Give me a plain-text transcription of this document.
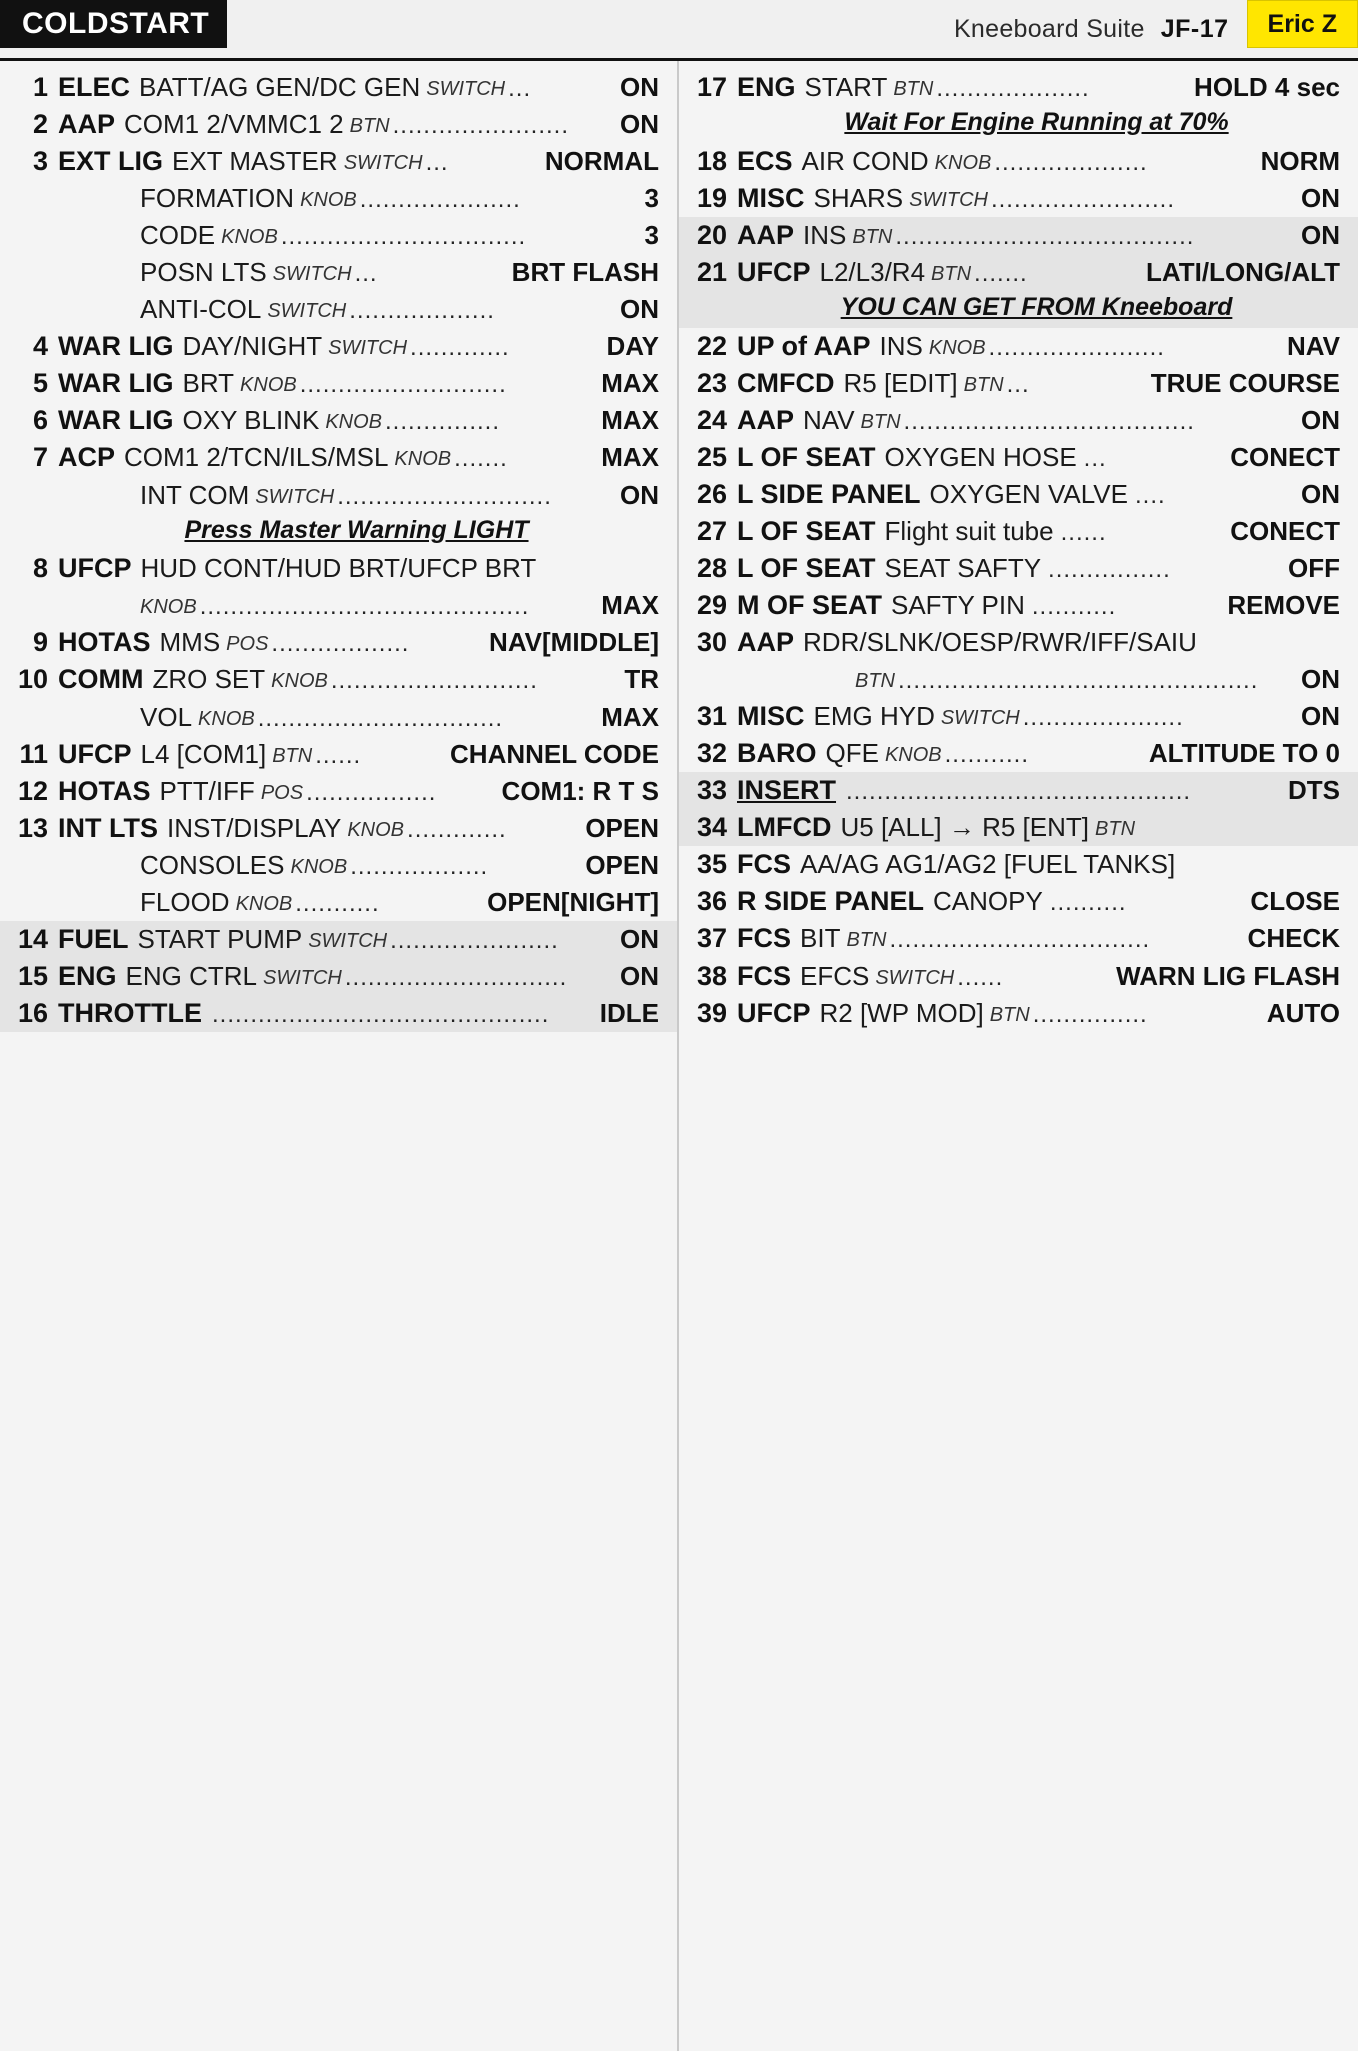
COLDSTART	Kneeboard Suite JF-17	Eric Z
1 ELEC BATT/AG GEN/DC GEN SWITCH ...	ON
2 AAP COM1 2/VMMC1 2 BTN .......................	ON
3 EXT LIG EXT MASTER SWITCH ...	NORMAL
FORMATION KNOB .....................	3
CODE KNOB ................................	3
POSN LTS SWITCH ...	BRT FLASH
ANTI-COL SWITCH ...................	ON
4 WAR LIG DAY/NIGHT SWITCH .............	DAY
5 WAR LIG BRT KNOB ...........................	MAX
6 WAR LIG OXY BLINK KNOB ...............	MAX
7 ACP COM1 2/TCN/ILS/MSL KNOB .......	MAX
INT COM SWITCH ............................	ON
Press Master Warning LIGHT
8 UFCP HUD CONT/HUD BRT/UFCP BRT
KNOB ...........................................	MAX
9 HOTAS MMS POS ..................	NAV[MIDDLE]
10 COMM ZRO SET KNOB ...........................	TR
VOL KNOB ................................	MAX
11 UFCP L4 [COM1] BTN ......	CHANNEL CODE
12 HOTAS PTT/IFF POS .................	COM1: R T S
13 INT LTS INST/DISPLAY KNOB .............	OPEN
CONSOLES KNOB ..................	OPEN
FLOOD KNOB ...........	OPEN[NIGHT]
14 FUEL START PUMP SWITCH ......................	ON
15 ENG ENG CTRL SWITCH .............................	ON
16 THROTTLE ............................................	IDLE
17 ENG START BTN ....................	HOLD 4 sec
Wait For Engine Running at 70%
18 ECS AIR COND KNOB ....................	NORM
19 MISC SHARS SWITCH ........................	ON
20 AAP INS BTN .......................................	ON
21 UFCP L2/L3/R4 BTN .......	LATI/LONG/ALT
YOU CAN GET FROM Kneeboard
22 UP of AAP INS KNOB .......................	NAV
23 CMFCD R5 [EDIT] BTN ...	TRUE COURSE
24 AAP NAV BTN ......................................	ON
25 L OF SEAT OXYGEN HOSE ...	CONECT
26 L SIDE PANEL OXYGEN VALVE ....	ON
27 L OF SEAT Flight suit tube ......	CONECT
28 L OF SEAT SEAT SAFTY ................	OFF
29 M OF SEAT SAFTY PIN ...........	REMOVE
30 AAP RDR/SLNK/OESP/RWR/IFF/SAIU
BTN ...............................................	ON
31 MISC EMG HYD SWITCH .....................	ON
32 BARO QFE KNOB ...........	ALTITUDE TO 0
33 INSERT .............................................	DTS
34 LMFCD U5 [ALL] → R5 [ENT] BTN
35 FCS AA/AG AG1/AG2 [FUEL TANKS]
36 R SIDE PANEL CANOPY ..........	CLOSE
37 FCS BIT BTN ..................................	CHECK
38 FCS EFCS SWITCH ......	WARN LIG FLASH
39 UFCP R2 [WP MOD] BTN ...............	AUTO
